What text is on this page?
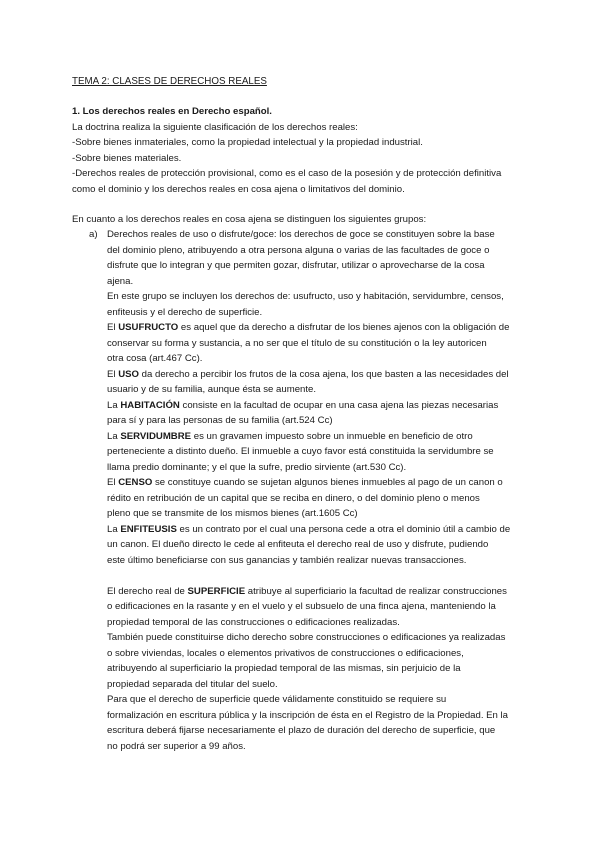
TEMA 2: CLASES DE DERECHOS REALES
1. Los derechos reales en Derecho español.
La doctrina realiza la siguiente clasificación de los derechos reales:
-Sobre bienes inmateriales, como la propiedad intelectual y la propiedad industrial.
-Sobre bienes materiales.
-Derechos reales de protección provisional, como es el caso de la posesión y de protección definitiva
como el dominio y los derechos reales en cosa ajena o limitativos del dominio.
En cuanto a los derechos reales en cosa ajena se distinguen los siguientes grupos:
a) Derechos reales de uso o disfrute/goce: los derechos de goce se constituyen sobre la base
del dominio pleno, atribuyendo a otra persona alguna o varias de las facultades de goce o
disfrute que lo integran y que permiten gozar, disfrutar, utilizar o aprovecharse de la cosa
ajena.
En este grupo se incluyen los derechos de: usufructo, uso y habitación, servidumbre, censos,
enfiteusis y el derecho de superficie.
El USUFRUCTO es aquel que da derecho a disfrutar de los bienes ajenos con la obligación de
conservar su forma y sustancia, a no ser que el título de su constitución o la ley autoricen
otra cosa (art.467 Cc).
El USO da derecho a percibir los frutos de la cosa ajena, los que basten a las necesidades del
usuario y de su familia, aunque ésta se aumente.
La HABITACIÓN consiste en la facultad de ocupar en una casa ajena las piezas necesarias
para sí y para las personas de su familia (art.524 Cc)
La SERVIDUMBRE es un gravamen impuesto sobre un inmueble en beneficio de otro
perteneciente a distinto dueño. El inmueble a cuyo favor está constituida la servidumbre se
llama predio dominante; y el que la sufre, predio sirviente (art.530 Cc).
El CENSO se constituye cuando se sujetan algunos bienes inmuebles al pago de un canon o
rédito en retribución de un capital que se reciba en dinero, o del dominio pleno o menos
pleno que se transmite de los mismos bienes (art.1605 Cc)
La ENFITEUSIS es un contrato por el cual una persona cede a otra el dominio útil a cambio de
un canon. El dueño directo le cede al enfiteuta el derecho real de uso y disfrute, pudiendo
este último beneficiarse con sus ganancias y también realizar nuevas transacciones.
El derecho real de SUPERFICIE atribuye al superficiario la facultad de realizar construcciones
o edificaciones en la rasante y en el vuelo y el subsuelo de una finca ajena, manteniendo la
propiedad temporal de las construcciones o edificaciones realizadas.
También puede constituirse dicho derecho sobre construcciones o edificaciones ya realizadas
o sobre viviendas, locales o elementos privativos de construcciones o edificaciones,
atribuyendo al superficiario la propiedad temporal de las mismas, sin perjuicio de la
propiedad separada del titular del suelo.
Para que el derecho de superficie quede válidamente constituido se requiere su
formalización en escritura pública y la inscripción de ésta en el Registro de la Propiedad. En la
escritura deberá fijarse necesariamente el plazo de duración del derecho de superficie, que
no podrá ser superior a 99 años.
